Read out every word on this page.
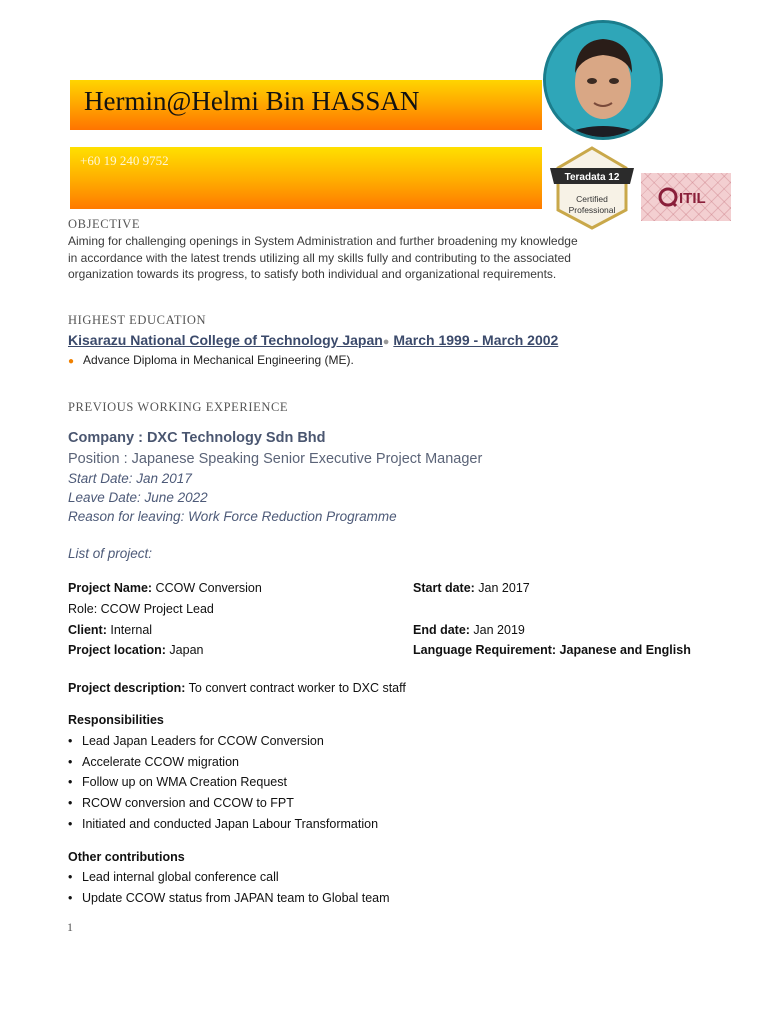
Hermin@Helmi Bin HASSAN
+60 19 240 9752
Teradata 12
Certified
Professional
ITIL
OBJECTIVE
Aiming for challenging openings in System Administration and further broadening my knowledge
in accordance with the latest trends utilizing all my skills fully and contributing to the associated
organization towards its progress, to satisfy both individual and organizational requirements.
HIGHEST EDUCATION
Kisarazu National College of Technology Japan● March 1999 - March 2002
● Advance Diploma in Mechanical Engineering (ME).
PREVIOUS WORKING EXPERIENCE
Company : DXC Technology Sdn Bhd
Position : Japanese Speaking Senior Executive Project Manager
Start Date: Jan 2017
Leave Date: June 2022
Reason for leaving: Work Force Reduction Programme
List of project:
Project Name: CCOW Conversion
Role: CCOW Project Lead
Client: Internal
Project location: Japan
Start date: Jan 2017
End date: Jan 2019
Language Requirement: Japanese and English
Project description: To convert contract worker to DXC staff
Responsibilities
• Lead Japan Leaders for CCOW Conversion
• Accelerate CCOW migration
• Follow up on WMA Creation Request
• RCOW conversion and CCOW to FPT
• Initiated and conducted Japan Labour Transformation
Other contributions
• Lead internal global conference call
• Update CCOW status from JAPAN team to Global team
1
